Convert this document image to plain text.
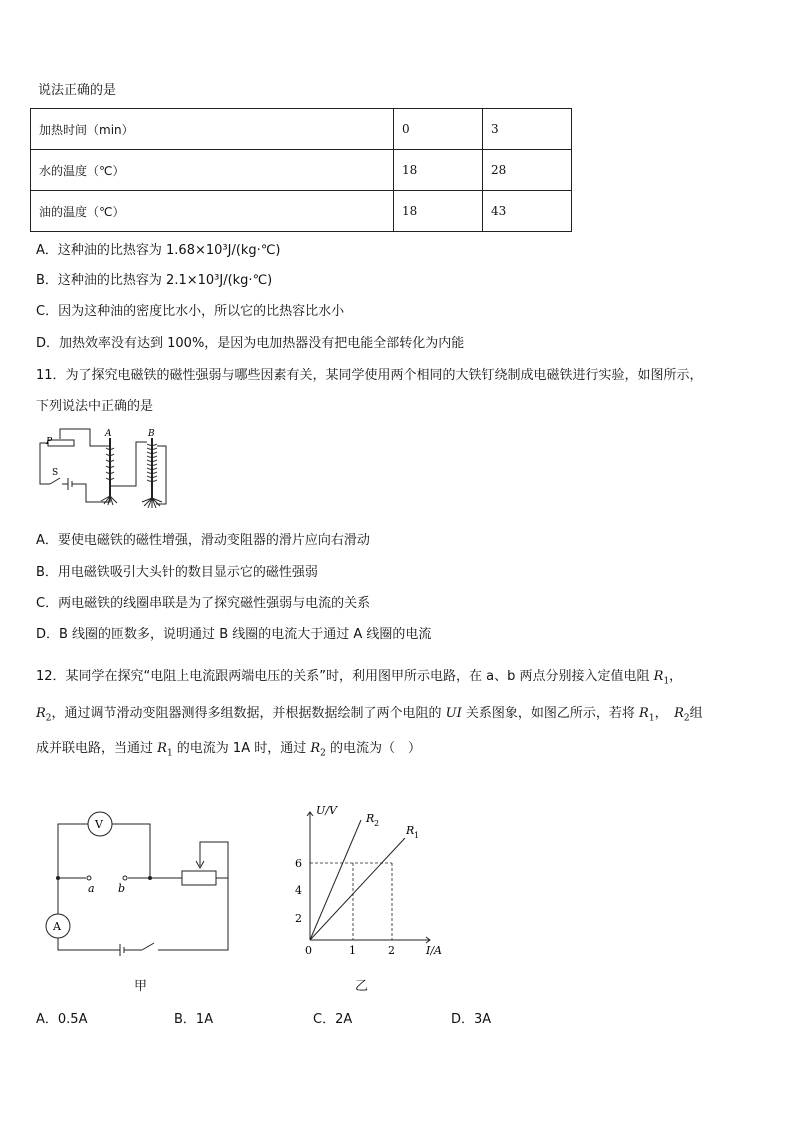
说法正确的是
加热时间（min）	0	3
水的温度（℃）	18	28
油的温度（℃）	18	43
A．这种油的比热容为 1.68×10³J/(kg·℃)
B．这种油的比热容为 2.1×10³J/(kg·℃)
C．因为这种油的密度比水小，所以它的比热容比水小
D．加热效率没有达到 100%，是因为电加热器没有把电能全部转化为内能
11．为了探究电磁铁的磁性强弱与哪些因素有关，某同学使用两个相同的大铁钉绕制成电磁铁进行实验，如图所示，
下列说法中正确的是
P
A	B
S
A．要使电磁铁的磁性增强，滑动变阻器的滑片应向右滑动
B．用电磁铁吸引大头针的数目显示它的磁性强弱
C．两电磁铁的线圈串联是为了探究磁性强弱与电流的关系
D．B 线圈的匝数多，说明通过 B 线圈的电流大于通过 A 线圈的电流
12．某同学在探究“电阻上电流跟两端电压的关系”时，利用图甲所示电路，在 a、b 两点分别接入定值电阻 $R_1$，
$R_2$，通过调节滑动变阻器测得多组数据，并根据数据绘制了两个电阻的 UI 关系图象，如图乙所示，若将 $R_1$，　$R_2$组
成并联电路，当通过 $R_1$ 的电流为 1A 时，通过 $R_2$ 的电流为（　）
V
A
a b
甲
U/V
I/A
0	1	2
2
4
6
R 2
R 1
乙
A．0.5A	B．1A	C．2A	D．3A
